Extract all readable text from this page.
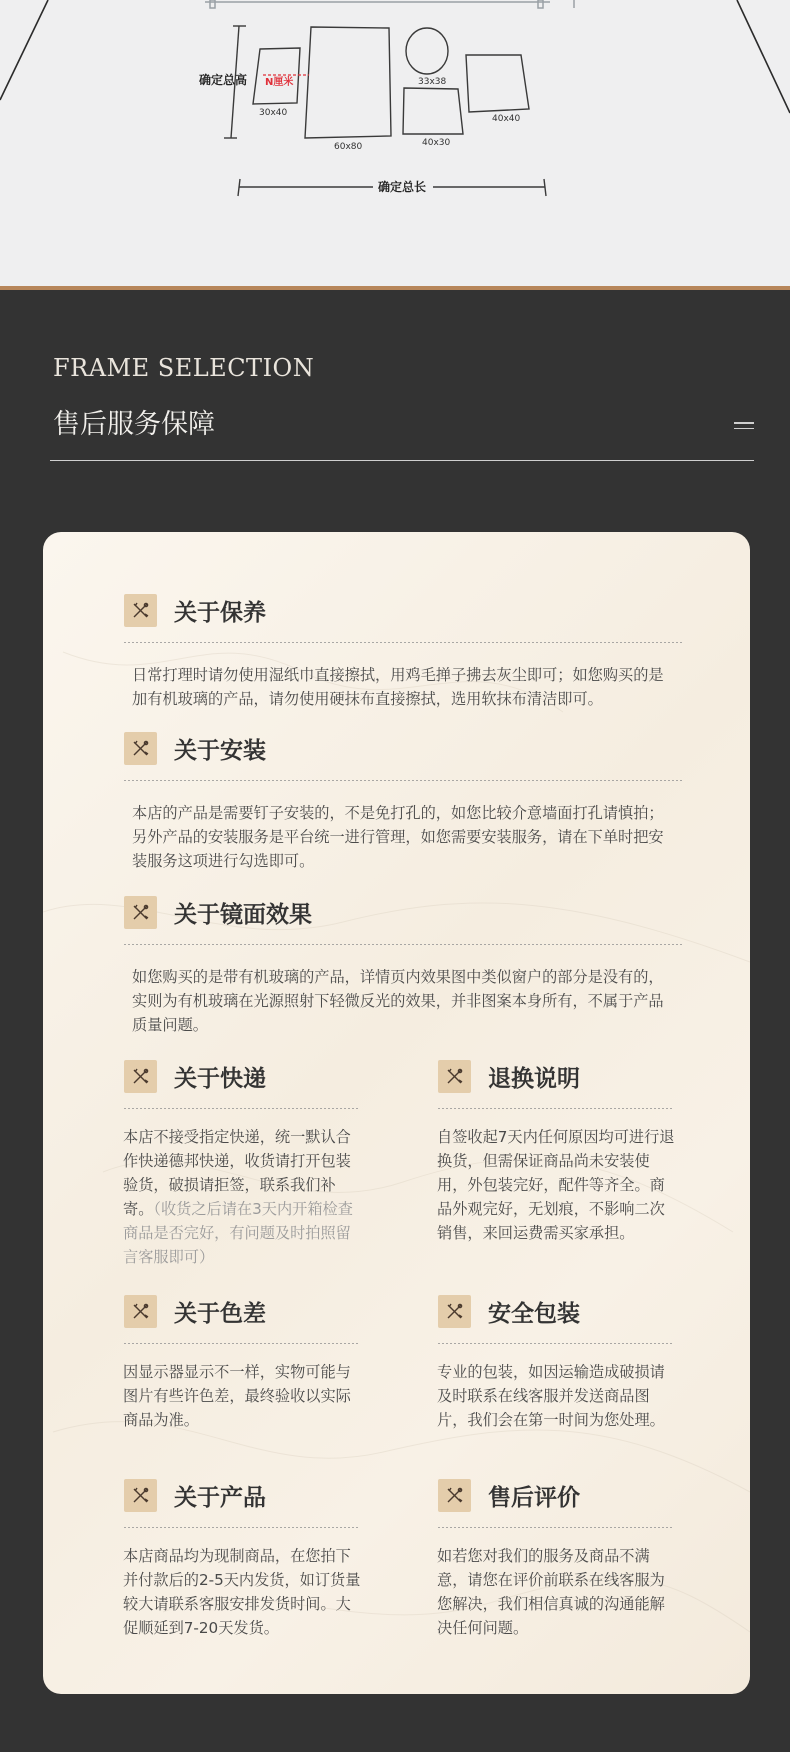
确定总高 N厘米
30x40
60x80
33x38
40x30
40x40
确定总长
FRAME SELECTION
售后服务保障
关于保养
日常打理时请勿使用湿纸巾直接擦拭，用鸡毛掸子拂去灰尘即可；如您购买的是加有机玻璃的产品，请勿使用硬抹布直接擦拭，选用软抹布清洁即可。
关于安装
本店的产品是需要钉子安装的，不是免打孔的，如您比较介意墙面打孔请慎拍；另外产品的安装服务是平台统一进行管理，如您需要安装服务，请在下单时把安装服务这项进行勾选即可。
关于镜面效果
如您购买的是带有机玻璃的产品，详情页内效果图中类似窗户的部分是没有的，实则为有机玻璃在光源照射下轻微反光的效果，并非图案本身所有，不属于产品质量问题。
关于快递
本店不接受指定快递，统一默认合作快递德邦快递，收货请打开包装验货，破损请拒签，联系我们补寄。（收货之后请在3天内开箱检查商品是否完好，有问题及时拍照留言客服即可）
退换说明
自签收起7天内任何原因均可进行退换货，但需保证商品尚未安装使用，外包装完好，配件等齐全。商品外观完好，无划痕，不影响二次销售，来回运费需买家承担。
关于色差
因显示器显示不一样，实物可能与图片有些许色差，最终验收以实际商品为准。
安全包装
专业的包装，如因运输造成破损请及时联系在线客服并发送商品图片，我们会在第一时间为您处理。
关于产品
本店商品均为现制商品，在您拍下并付款后的2-5天内发货，如订货量较大请联系客服安排发货时间。大促顺延到7-20天发货。
售后评价
如若您对我们的服务及商品不满意，请您在评价前联系在线客服为您解决，我们相信真诚的沟通能解决任何问题。
